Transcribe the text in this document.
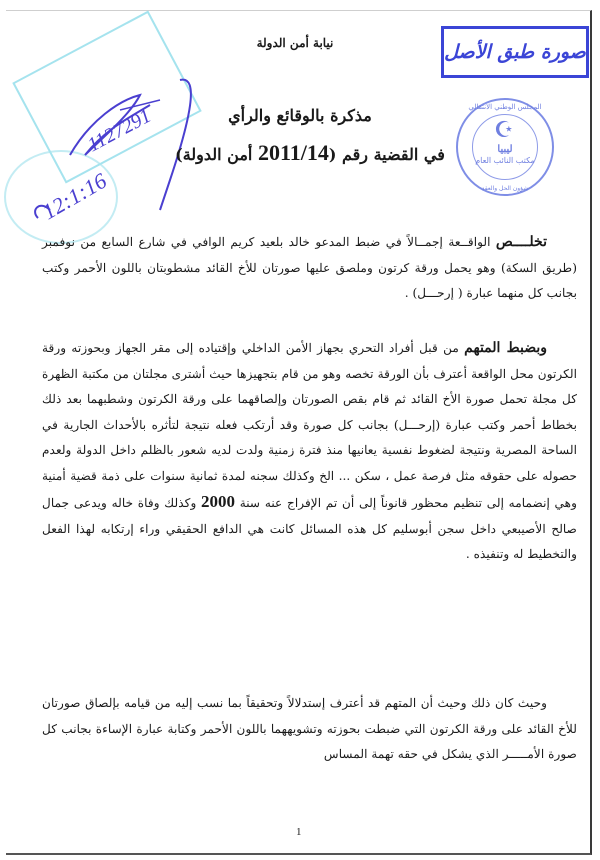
1127291
12:1:16
صورة طبق الأصل
المجلس الوطني الانتقالي
☪
ليبيا
مكتب النائب العام
شؤون الحل والعقد
نيابة أمن الدولة
مذكرة بالوقائع والرأي
في القضية رقم (2011/14 أمن الدولة)

تخلــــص الواقــعة إجمــالاً في ضبط المدعو خالد بلعيد كريم الوافي في شارع السابع من نوفمبر (طريق السكة) وهو يحمل ورقة كرتون وملصق عليها صورتان للأخ القائد مشطوبتان باللون الأحمر وكتب بجانب كل منهما عبارة ( إرحـــل) .

وبضبط المتهم من قبل أفراد التحري بجهاز الأمن الداخلي وإقتياده إلى مقر الجهاز وبحوزته ورقة الكرتون محل الواقعة أعترف بأن الورقة تخصه وهو من قام بتجهيزها حيث أشترى مجلتان من مكتبة الظهرة كل مجلة تحمل صورة الأخ القائد ثم قام بقص الصورتان وإلصاقهما على ورقة الكرتون وشطبهما بعد ذلك بخطاط أحمر وكتب عبارة (إرحـــل) بجانب كل صورة وقد أرتكب فعله نتيجة لتأثره بالأحداث الجارية في الساحة المصرية ونتيجة لضغوط نفسية يعانيها منذ فترة زمنية ولدت لديه شعور بالظلم داخل الدولة ولعدم حصوله على حقوقه مثل فرصة عمل ، سكن ... الخ وكذلك سجنه لمدة ثمانية سنوات على ذمة قضية أمنية وهي إنضمامه إلى تنظيم محظور قانوناً إلى أن تم الإفراج عنه سنة 2000 وكذلك وفاة خاله ويدعى جمال صالح الأصيبعي داخل سجن أبوسليم كل هذه المسائل كانت هي الدافع الحقيقي وراء إرتكابه لهذا الفعل والتخطيط له وتنفيذه .

وحيث كان ذلك وحيث أن المتهم قد أعترف إستدلالاً وتحقيقاً بما نسب إليه من قيامه بإلصاق صورتان للأخ القائد على ورقة الكرتون التي ضبطت بحوزته وتشويههما باللون الأحمر وكتابة عبارة الإساءة بجانب كل صورة الأمـــــر الذي يشكل في حقه تهمة المساس

1
